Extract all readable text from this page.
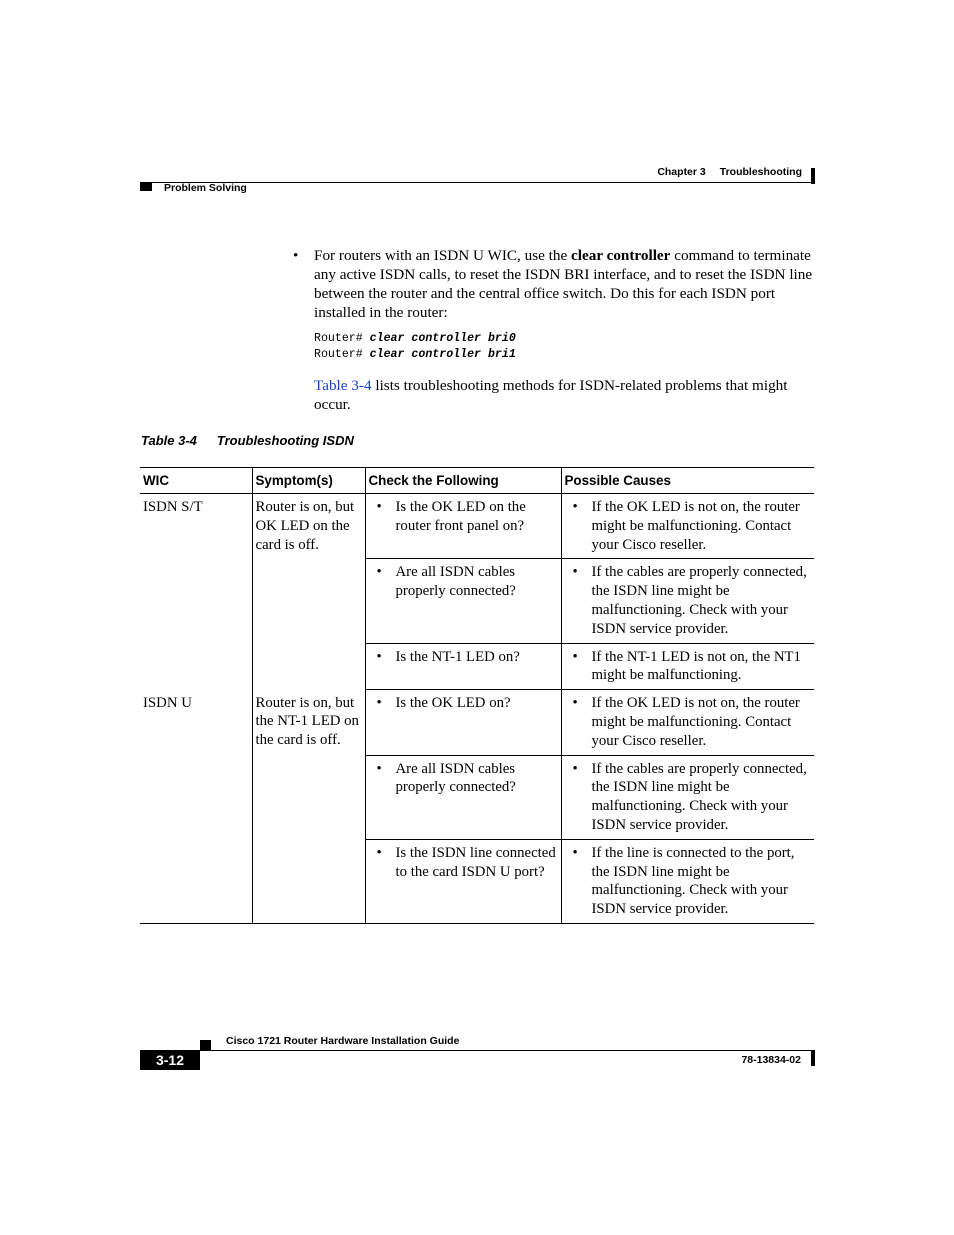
Chapter 3 Troubleshooting
Problem Solving
• For routers with an ISDN U WIC, use the clear controller command to terminate any active ISDN calls, to reset the ISDN BRI interface, and to reset the ISDN line between the router and the central office switch. Do this for each ISDN port installed in the router:
Router# clear controller bri0
Router# clear controller bri1
Table 3-4 lists troubleshooting methods for ISDN-related problems that might occur.
Table 3-4 Troubleshooting ISDN
WIC	Symptom(s)	Check the Following	Possible Causes
ISDN S/T	Router is on, but OK LED on the card is off.	• Is the OK LED on the router front panel on?	• If the OK LED is not on, the router might be malfunctioning. Contact your Cisco reseller.

		• Are all ISDN cables properly connected?	• If the cables are properly connected, the ISDN line might be malfunctioning. Check with your ISDN service provider.

		• Is the NT-1 LED on?	• If the NT-1 LED is not on, the NT1 might be malfunctioning.

ISDN U	Router is on, but the NT-1 LED on the card is off.	• Is the OK LED on?	• If the OK LED is not on, the router might be malfunctioning. Contact your Cisco reseller.

		• Are all ISDN cables properly connected?	• If the cables are properly connected, the ISDN line might be malfunctioning. Check with your ISDN service provider.

		• Is the ISDN line connected to the card ISDN U port?	• If the line is connected to the port, the ISDN line might be malfunctioning. Check with your ISDN service provider.
Cisco 1721 Router Hardware Installation Guide
3-12	78-13834-02
